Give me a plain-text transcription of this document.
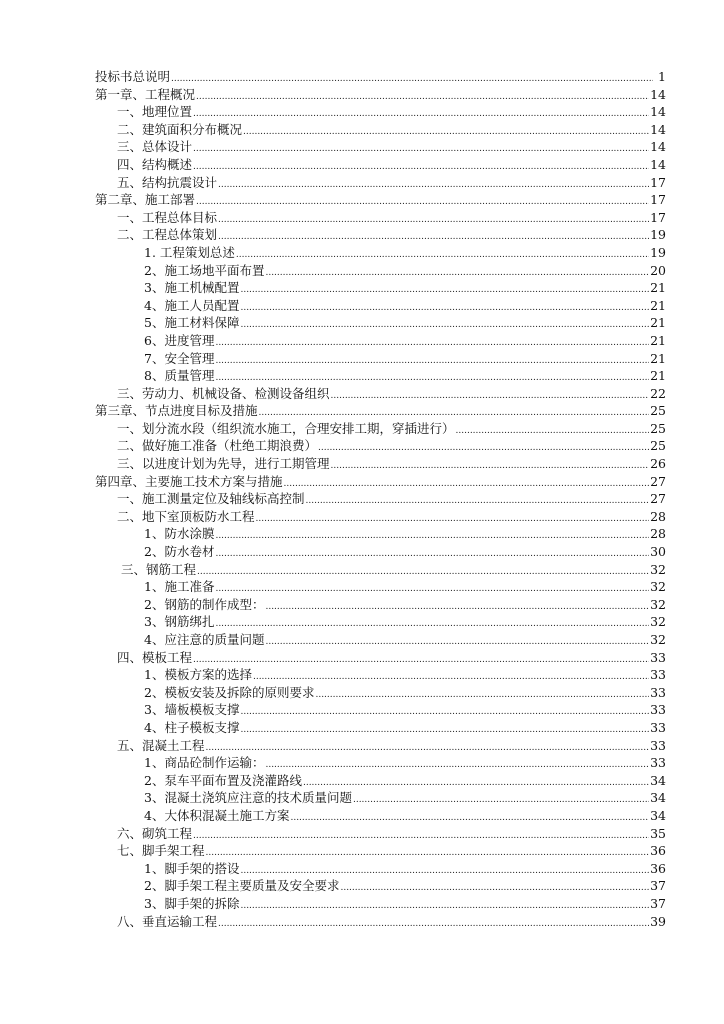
投标书总说明 .....	1
第一章、工程概况 .....	14
一、地理位置 .....	14
二、建筑面积分布概况 .....	14
三、总体设计 .....	14
四、结构概述 .....	14
五、结构抗震设计 .....	17
第二章、施工部署 .....	17
一、工程总体目标 .....	17
二、工程总体策划 .....	19
1. 工程策划总述 .....	19
2、施工场地平面布置 .....	20
3、施工机械配置 .....	21
4、施工人员配置 .....	21
5、施工材料保障 .....	21
6、进度管理 .....	21
7、安全管理 .....	21
8、质量管理 .....	21
三、劳动力、机械设备、检测设备组织 .....	22
第三章、节点进度目标及措施 .....	25
一、划分流水段（组织流水施工，合理安排工期，穿插进行） .....	25
二、做好施工准备（杜绝工期浪费） .....	25
三、以进度计划为先导，进行工期管理 .....	26
第四章、主要施工技术方案与措施 .....	27
一、施工测量定位及轴线标高控制 .....	27
二、地下室顶板防水工程 .....	28
1、防水涂膜 .....	28
2、防水卷材 .....	30
三、钢筋工程 .....	32
1、施工准备 .....	32
2、钢筋的制作成型： .....	32
3、钢筋绑扎 .....	32
4、应注意的质量问题 .....	32
四、模板工程 .....	33
1、模板方案的选择 .....	33
2、模板安装及拆除的原则要求 .....	33
3、墙板模板支撑 .....	33
4、柱子模板支撑 .....	33
五、混凝土工程 .....	33
1、商品砼制作运输： .....	33
2、泵车平面布置及浇灌路线 .....	34
3、混凝土浇筑应注意的技术质量问题 .....	34
4、大体积混凝土施工方案 .....	34
六、砌筑工程 .....	35
七、脚手架工程 .....	36
1、脚手架的搭设 .....	36
2、脚手架工程主要质量及安全要求 .....	37
3、脚手架的拆除 .....	37
八、垂直运输工程 .....	39
